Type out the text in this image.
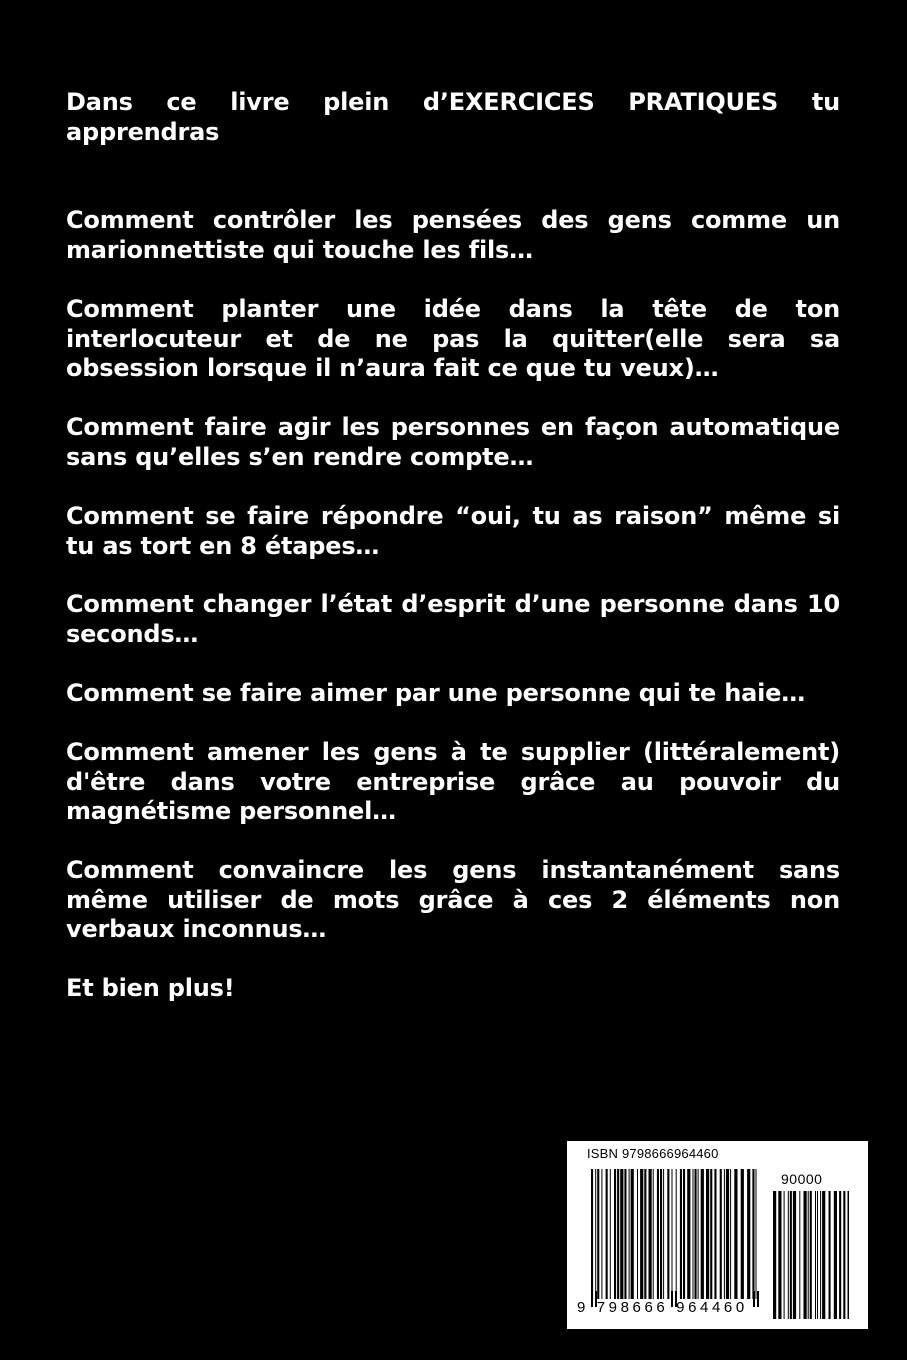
Dans ce livre plein d’EXERCICES PRATIQUES tu apprendras

Comment contrôler les pensées des gens comme un marionnettiste qui touche les fils…

Comment planter une idée dans la tête de ton interlocuteur et de ne pas la quitter(elle sera sa obsession lorsque il n’aura fait ce que tu veux)…

Comment faire agir les personnes en façon automatique sans qu’elles s’en rendre compte…

Comment se faire répondre “oui, tu as raison” même si tu as tort en 8 étapes…

Comment changer l’état d’esprit d’une personne dans 10 seconds…

Comment se faire aimer par une personne qui te haie…

Comment amener les gens à te supplier (littéralement) d'être dans votre entreprise grâce au pouvoir du magnétisme personnel…

Comment convaincre les gens instantanément sans même utiliser de mots grâce à ces 2 éléments non verbaux inconnus…

Et bien plus!

ISBN 9798666964460
90000
9 798666 964460
